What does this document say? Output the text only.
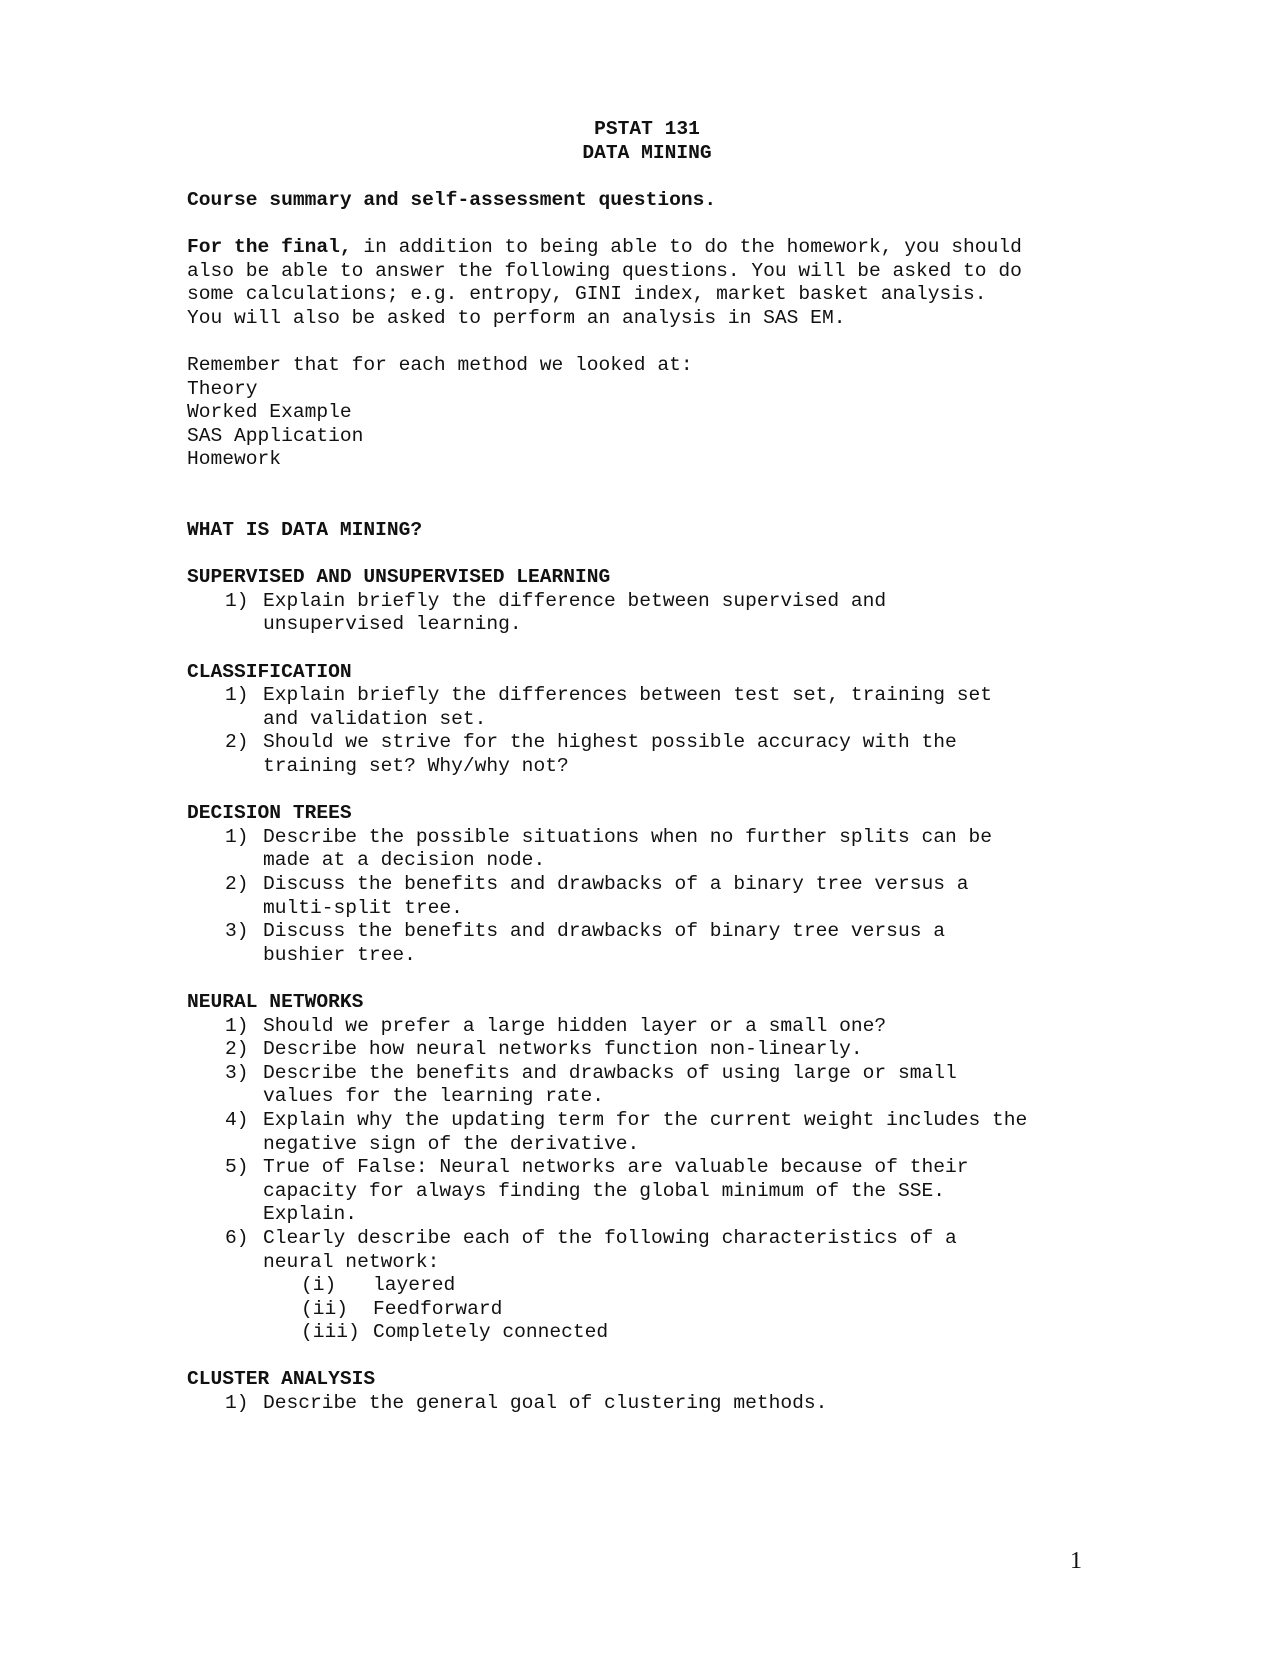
PSTAT 131

DATA MINING

Course summary and self-assessment questions.

For the final, in addition to being able to do the homework, you should

also be able to answer the following questions. You will be asked to do

some calculations; e.g. entropy, GINI index, market basket analysis.

You will also be asked to perform an analysis in SAS EM.

Remember that for each method we looked at:

Theory

Worked Example

SAS Application

Homework

WHAT IS DATA MINING?

SUPERVISED AND UNSUPERVISED LEARNING

1) Explain briefly the difference between supervised and

unsupervised learning.

CLASSIFICATION

1) Explain briefly the differences between test set, training set

and validation set.

2) Should we strive for the highest possible accuracy with the

training set? Why/why not?

DECISION TREES

1) Describe the possible situations when no further splits can be

made at a decision node.

2) Discuss the benefits and drawbacks of a binary tree versus a

multi-split tree.

3) Discuss the benefits and drawbacks of binary tree versus a

bushier tree.

NEURAL NETWORKS

1) Should we prefer a large hidden layer or a small one?

2) Describe how neural networks function non-linearly.

3) Describe the benefits and drawbacks of using large or small

values for the learning rate.

4) Explain why the updating term for the current weight includes the

negative sign of the derivative.

5) True of False: Neural networks are valuable because of their

capacity for always finding the global minimum of the SSE.

Explain.

6) Clearly describe each of the following characteristics of a

neural network:

(i)	layered
(ii)	Feedforward
(iii) Completely connected

CLUSTER ANALYSIS

1) Describe the general goal of clustering methods.

1
